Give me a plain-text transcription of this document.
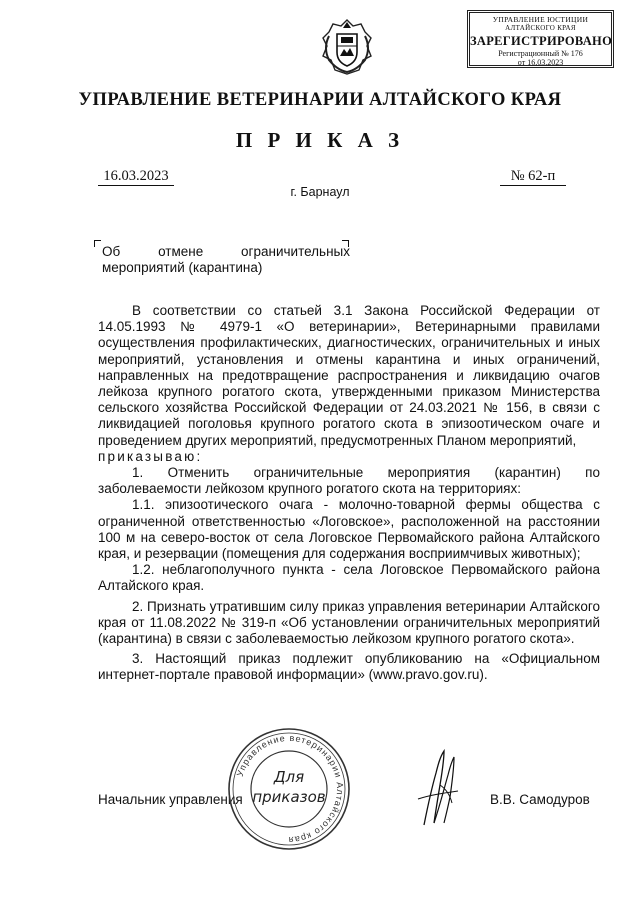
УПРАВЛЕНИЕ ЮСТИЦИИ
АЛТАЙСКОГО КРАЯ
ЗАРЕГИСТРИРОВАНО
Регистрационный № 176
от 16.03.2023
УПРАВЛЕНИЕ ВЕТЕРИНАРИИ АЛТАЙСКОГО КРАЯ
П Р И К А З
16.03.2023	№ 62-п
г. Барнаул
Об	отмене	ограничительных
мероприятий (карантина)

В соответствии со статьей 3.1 Закона Российской Федерации от 14.05.1993 № 4979-1 «О ветеринарии», Ветеринарными правилами осуществления профилактических, диагностических, ограничительных и иных мероприятий, установления и отмены карантина и иных ограничений, направленных на предотвращение распространения и ликвидацию очагов лейкоза крупного рогатого скота, утвержденными приказом Министерства сельского хозяйства Российской Федерации от 24.03.2021 № 156, в связи с ликвидацией поголовья крупного рогатого скота в эпизоотическом очаге и проведением других мероприятий, предусмотренных Планом мероприятий,

приказываю:

1. Отменить ограничительные мероприятия (карантин) по заболеваемости лейкозом крупного рогатого скота на территориях:

1.1. эпизоотического очага - молочно-товарной фермы общества с ограниченной ответственностью «Логовское», расположенной на расстоянии 100 м на северо-восток от села Логовское Первомайского района Алтайского края, и резервации (помещения для содержания восприимчивых животных);

1.2. неблагополучного пункта - села Логовское Первомайского района Алтайского края.

2. Признать утратившим силу приказ управления ветеринарии Алтайского края от 11.08.2022 № 319-п «Об установлении ограничительных мероприятий (карантина) в связи с заболеваемостью лейкозом крупного рогатого скота».

3. Настоящий приказ подлежит опубликованию на «Официальном интернет-портале правовой информации» (www.pravo.gov.ru).

Начальник управления	В.В. Самодуров
Управление ветеринарии Алтайского края
Для
приказов
